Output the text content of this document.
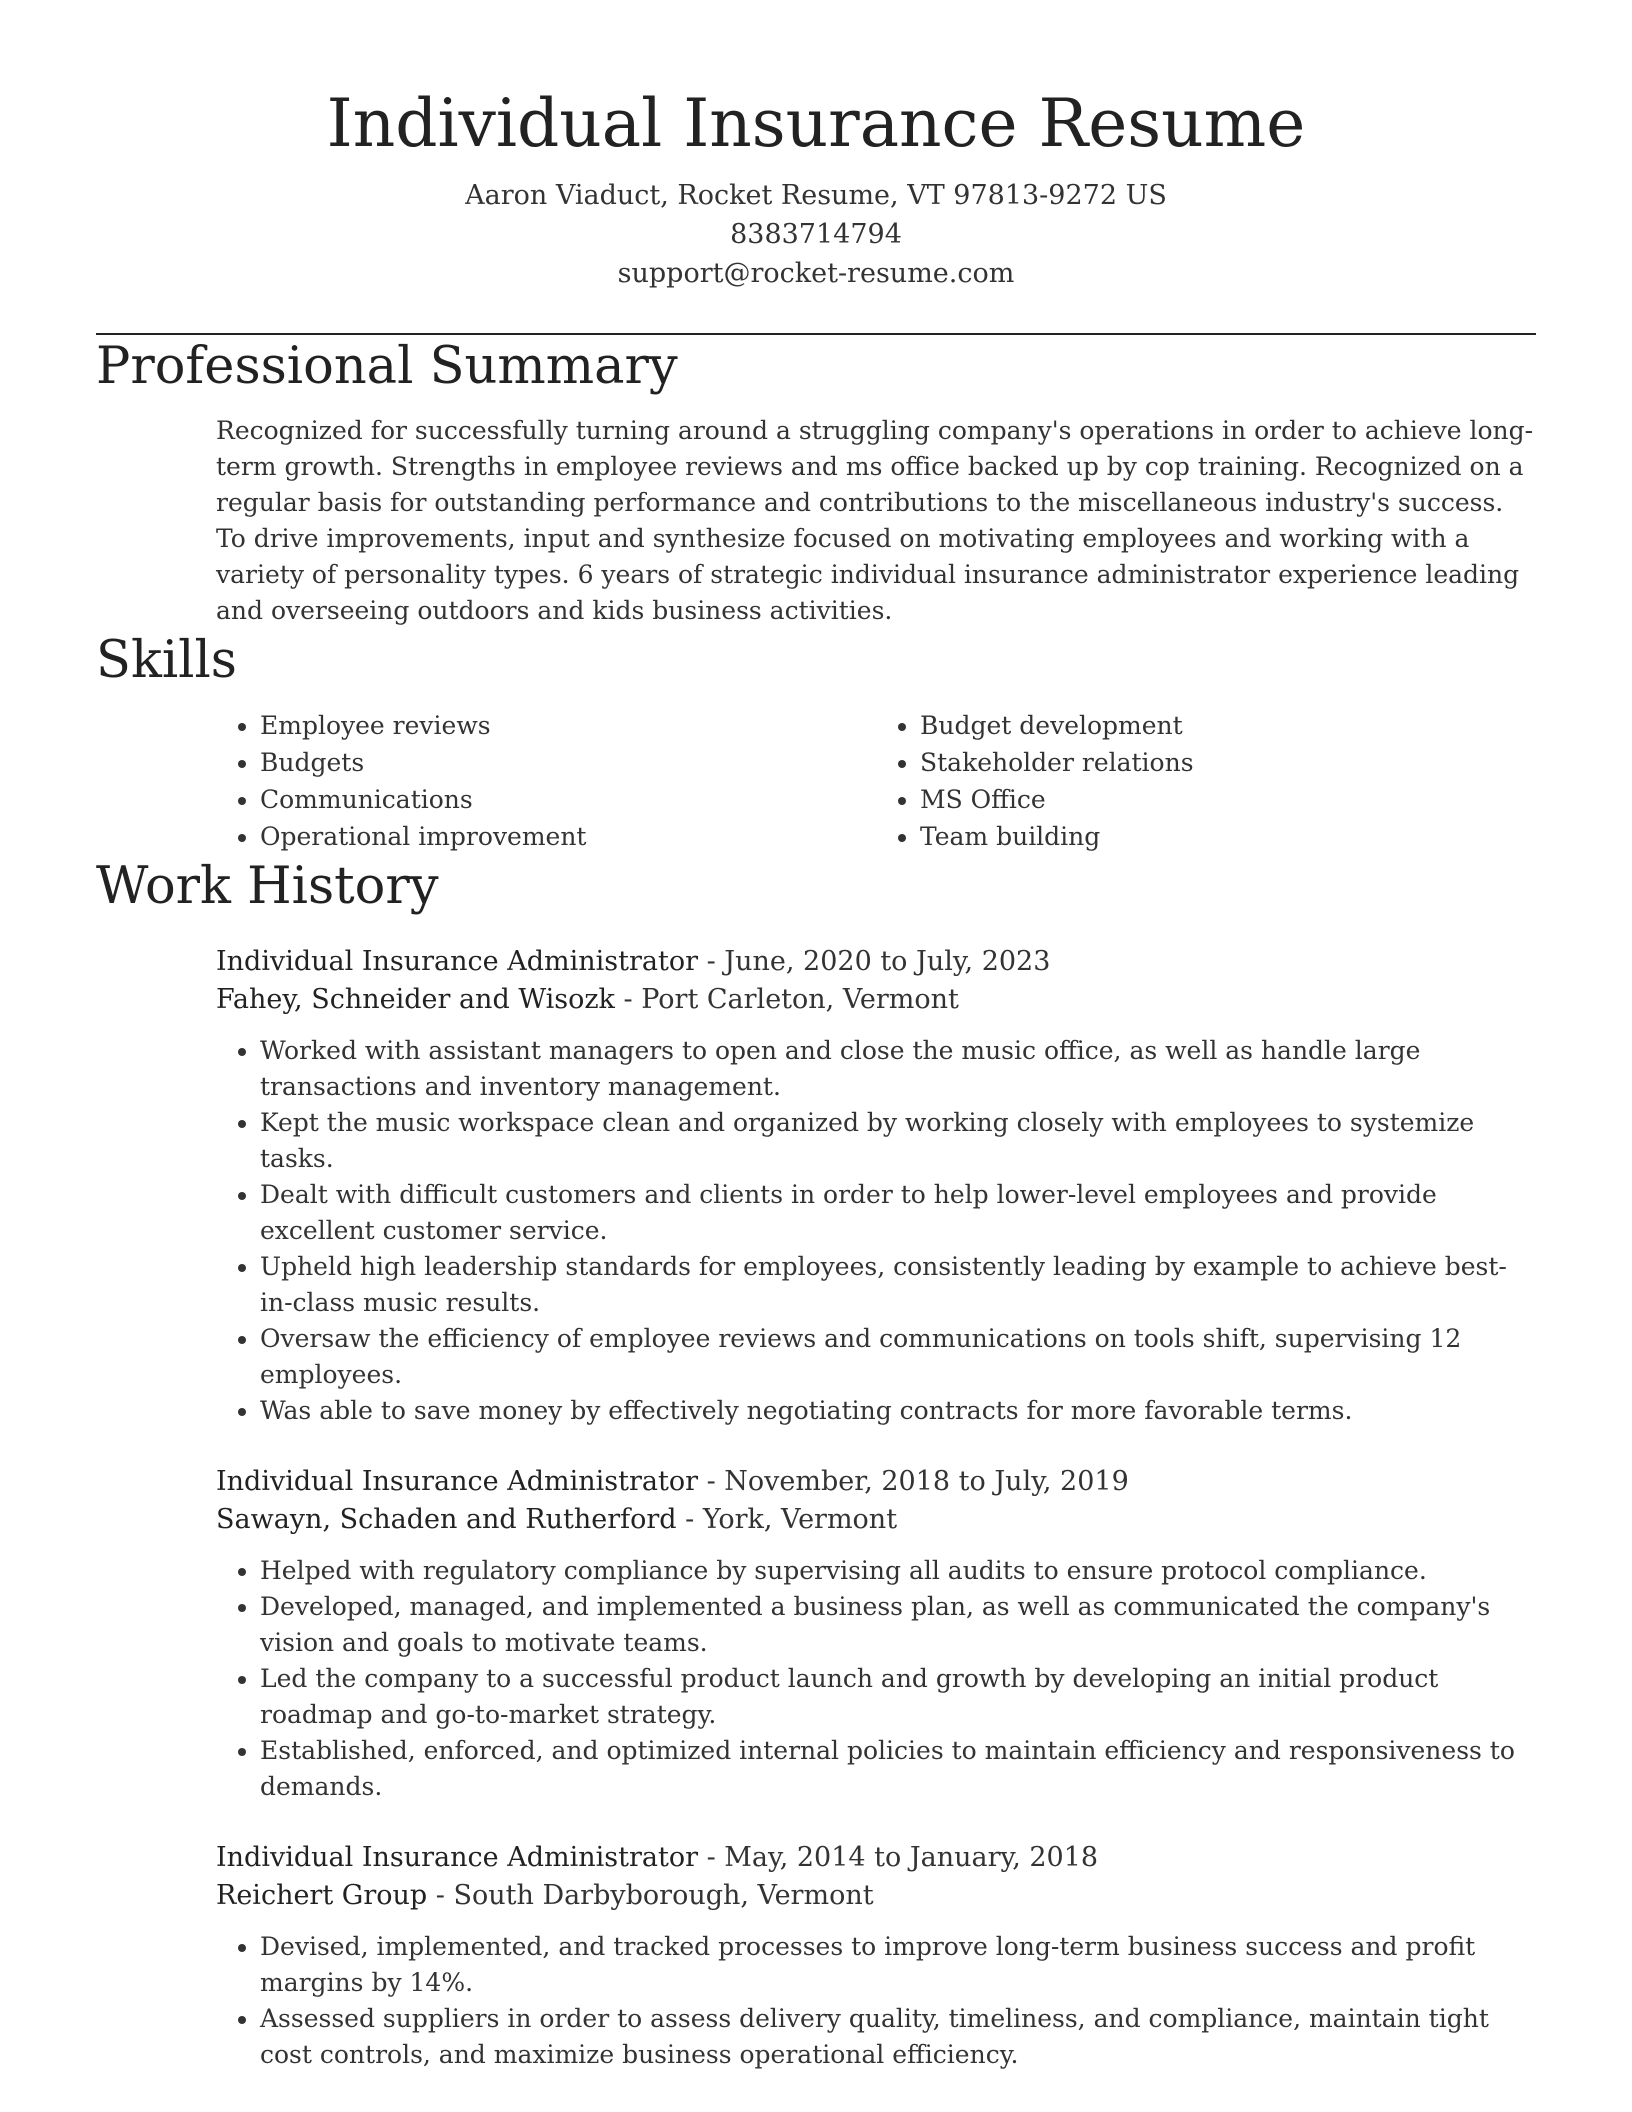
Individual Insurance Resume
Aaron Viaduct, Rocket Resume, VT 97813-9272 US
8383714794
support@rocket-resume.com
Professional Summary
Recognized for successfully turning around a struggling company's operations in order to achieve long-term growth. Strengths in employee reviews and ms office backed up by cop training. Recognized on a regular basis for outstanding performance and contributions to the miscellaneous industry's success. To drive improvements, input and synthesize focused on motivating employees and working with a variety of personality types. 6 years of strategic individual insurance administrator experience leading and overseeing outdoors and kids business activities.
Skills
• Employee reviews
• Budgets
• Communications
• Operational improvement
• Budget development
• Stakeholder relations
• MS Office
• Team building
Work History
Individual Insurance Administrator - June, 2020 to July, 2023
Fahey, Schneider and Wisozk - Port Carleton, Vermont
• Worked with assistant managers to open and close the music office, as well as handle large transactions and inventory management.
• Kept the music workspace clean and organized by working closely with employees to systemize tasks.
• Dealt with difficult customers and clients in order to help lower-level employees and provide excellent customer service.
• Upheld high leadership standards for employees, consistently leading by example to achieve best-in-class music results.
• Oversaw the efficiency of employee reviews and communications on tools shift, supervising 12 employees.
• Was able to save money by effectively negotiating contracts for more favorable terms.
Individual Insurance Administrator - November, 2018 to July, 2019
Sawayn, Schaden and Rutherford - York, Vermont
• Helped with regulatory compliance by supervising all audits to ensure protocol compliance.
• Developed, managed, and implemented a business plan, as well as communicated the company's vision and goals to motivate teams.
• Led the company to a successful product launch and growth by developing an initial product roadmap and go-to-market strategy.
• Established, enforced, and optimized internal policies to maintain efficiency and responsiveness to demands.
Individual Insurance Administrator - May, 2014 to January, 2018
Reichert Group - South Darbyborough, Vermont
• Devised, implemented, and tracked processes to improve long-term business success and profit margins by 14%.
• Assessed suppliers in order to assess delivery quality, timeliness, and compliance, maintain tight cost controls, and maximize business operational efficiency.
